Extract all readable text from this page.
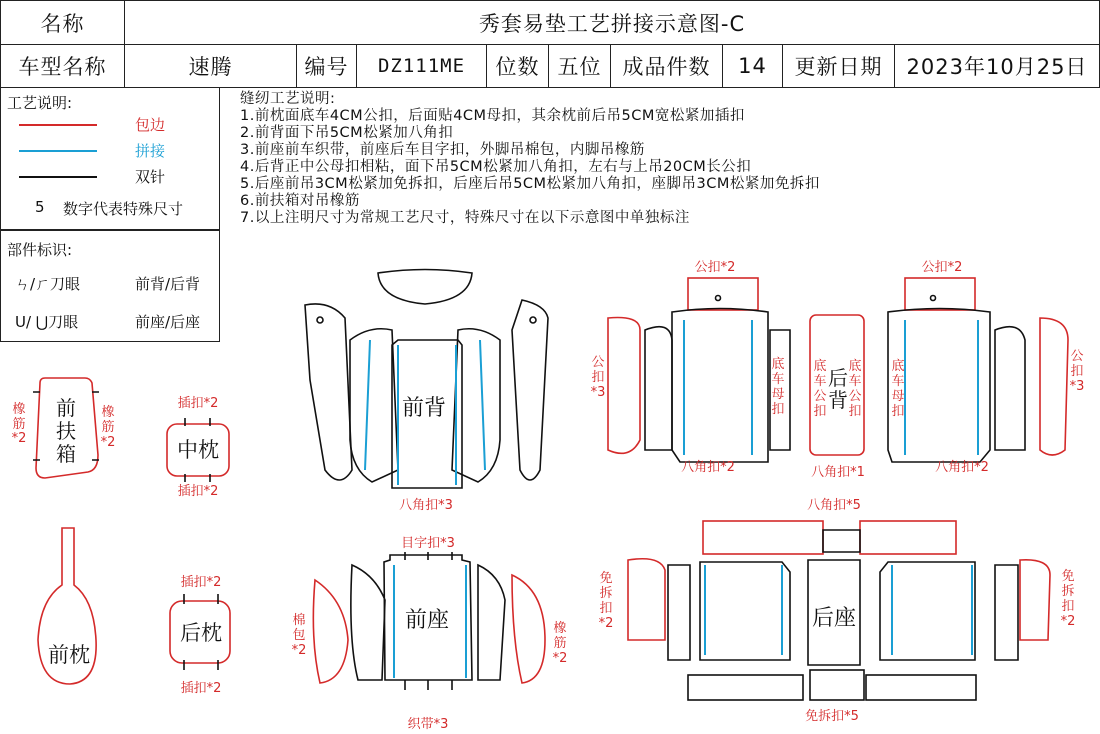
名称	秀套易垫工艺拼接示意图-C
车型名称	速腾	编号	DZ111ME	位数 五位	成品件数	14	更新日期	2023年10月25日
工艺说明:
包边
拼接
双针
5 数字代表特殊尺寸
部件标识:
ㄣ/ㄏ刀眼	前背/后背
U/ ⋃刀眼	前座/后座
缝纫工艺说明:
1.前枕面底车4CM公扣，后面贴4CM母扣，其余枕前后吊5CM宽松紧加插扣
2.前背面下吊5CM松紧加八角扣
3.前座前车织带，前座后车目字扣，外脚吊棉包，内脚吊橡筋
4.后背正中公母扣相粘，面下吊5CM松紧加八角扣，左右与上吊20CM长公扣
5.后座前吊3CM松紧加免拆扣，后座后吊5CM松紧加八角扣，座脚吊3CM松紧加免拆扣
6.前扶箱对吊橡筋
7.以上注明尺寸为常规工艺尺寸，特殊尺寸在以下示意图中单独标注
前
扶
箱	中枕
前枕
后枕
前背
前座	后座
后
背
插扣*2
插扣*2
插扣*2
插扣*2
八角扣*3
目字扣*3
织带*3
公扣*2	公扣*2
八角扣*2	八角扣*1	八角扣*2
八角扣*5
免拆扣*5
橡
筋
*2
橡
筋
*2
棉
包
*2
橡
筋
*2
公
扣
*3
公
扣
*3
底
车
母
扣
底
车
公
扣
底
车
公
扣
底
车
母
扣
免
拆
扣
*2
免
拆
扣
*2
